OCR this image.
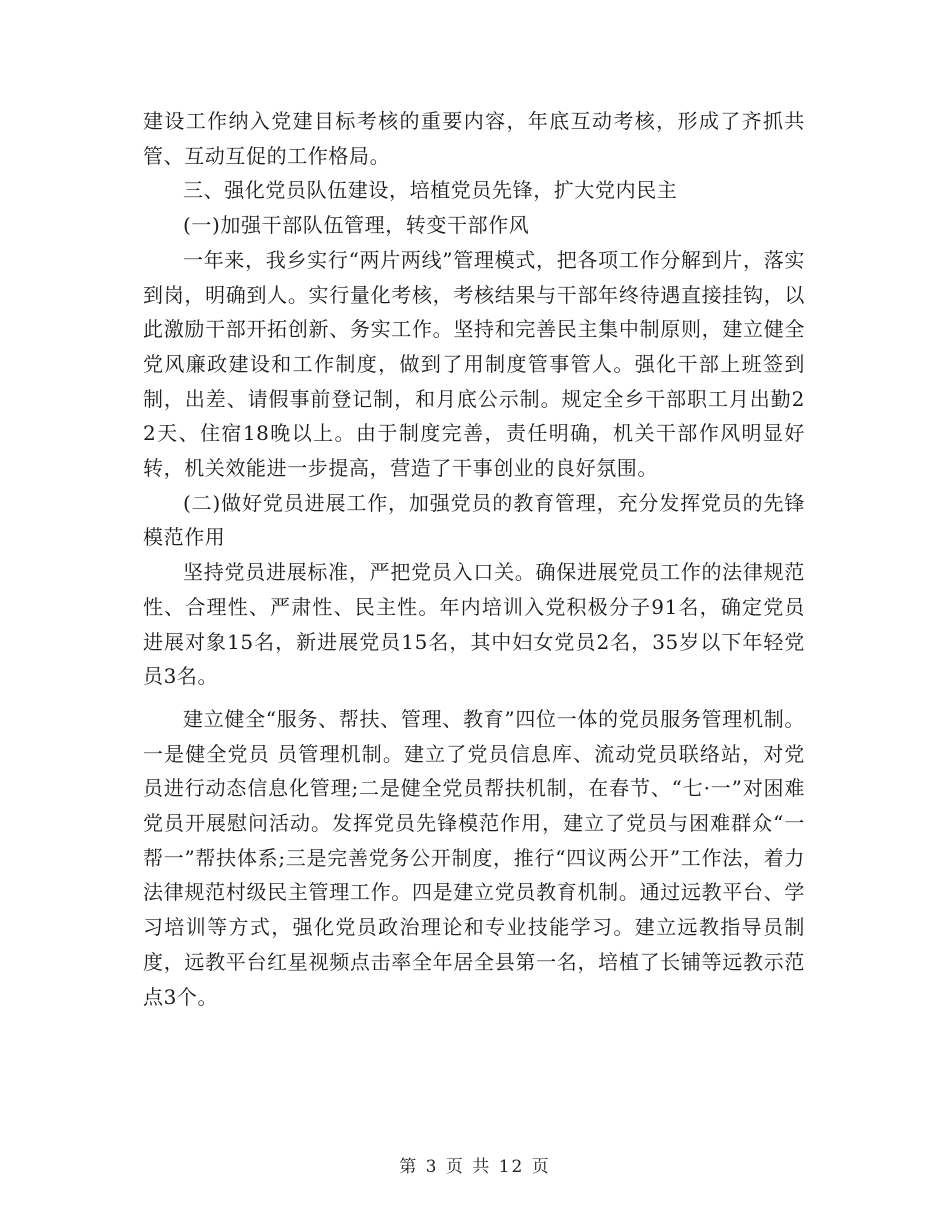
建设工作纳入党建目标考核的重要内容，年底互动考核，形成了齐抓共管、互动互促的工作格局。

三、强化党员队伍建设，培植党员先锋，扩大党内民主

(一)加强干部队伍管理，转变干部作风

一年来，我乡实行“两片两线”管理模式，把各项工作分解到片，落实到岗，明确到人。实行量化考核，考核结果与干部年终待遇直接挂钩，以此激励干部开拓创新、务实工作。坚持和完善民主集中制原则，建立健全党风廉政建设和工作制度，做到了用制度管事管人。强化干部上班签到制，出差、请假事前登记制，和月底公示制。规定全乡干部职工月出勤22天、住宿18晚以上。由于制度完善，责任明确，机关干部作风明显好转，机关效能进一步提高，营造了干事创业的良好氛围。

(二)做好党员进展工作，加强党员的教育管理，充分发挥党员的先锋模范作用

坚持党员进展标准，严把党员入口关。确保进展党员工作的法律规范性、合理性、严肃性、民主性。年内培训入党积极分子91名，确定党员进展对象15名，新进展党员15名，其中妇女党员2名，35岁以下年轻党员3名。

建立健全“服务、帮扶、管理、教育”四位一体的党员服务管理机制。一是健全党员 员管理机制。建立了党员信息库、流动党员联络站，对党员进行动态信息化管理;二是健全党员帮扶机制，在春节、“七·一”对困难党员开展慰问活动。发挥党员先锋模范作用，建立了党员与困难群众“一帮一”帮扶体系;三是完善党务公开制度，推行“四议两公开”工作法，着力法律规范村级民主管理工作。四是建立党员教育机制。通过远教平台、学习培训等方式，强化党员政治理论和专业技能学习。建立远教指导员制度，远教平台红星视频点击率全年居全县第一名，培植了长铺等远教示范点3个。

第 3 页 共 12 页
